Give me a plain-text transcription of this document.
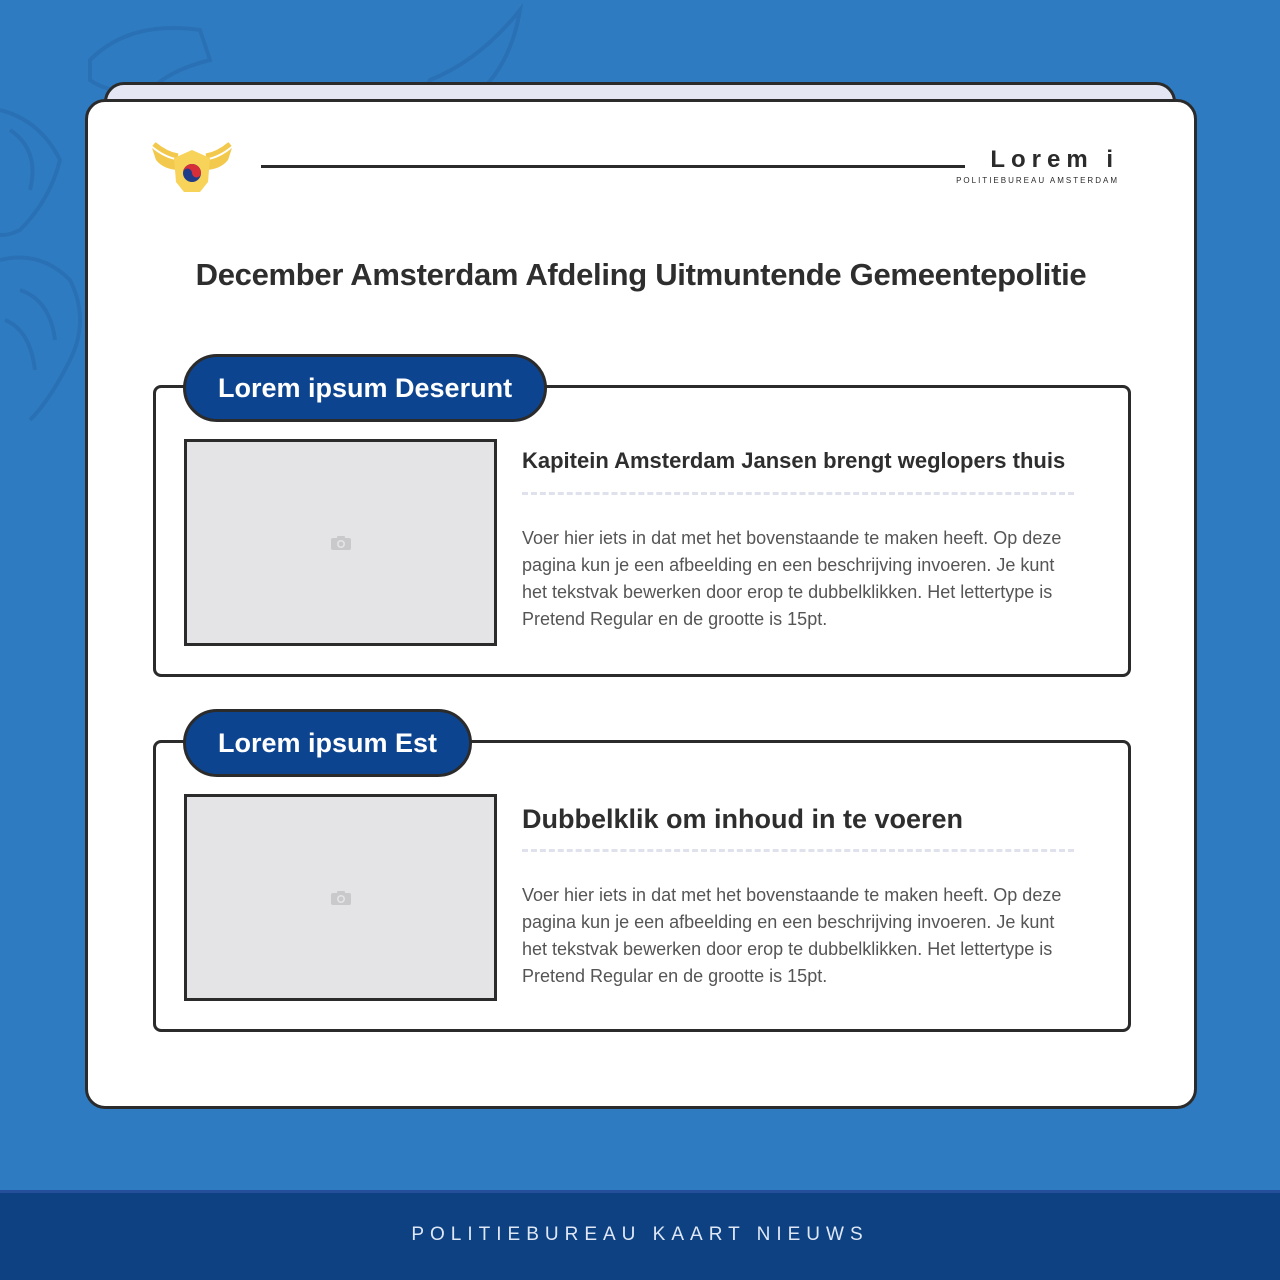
Lorem i
POLITIEBUREAU AMSTERDAM
December Amsterdam Afdeling Uitmuntende Gemeentepolitie
Lorem ipsum Deserunt
Kapitein Amsterdam Jansen brengt weglopers thuis

Voer hier iets in dat met het bovenstaande te maken heeft. Op deze pagina kun je een afbeelding en een beschrijving invoeren. Je kunt het tekstvak bewerken door erop te dubbelklikken. Het lettertype is Pretend Regular en de grootte is 15pt.

Lorem ipsum Est
Dubbelklik om inhoud in te voeren

Voer hier iets in dat met het bovenstaande te maken heeft. Op deze pagina kun je een afbeelding en een beschrijving invoeren. Je kunt het tekstvak bewerken door erop te dubbelklikken. Het lettertype is Pretend Regular en de grootte is 15pt.

POLITIEBUREAU KAART NIEUWS
